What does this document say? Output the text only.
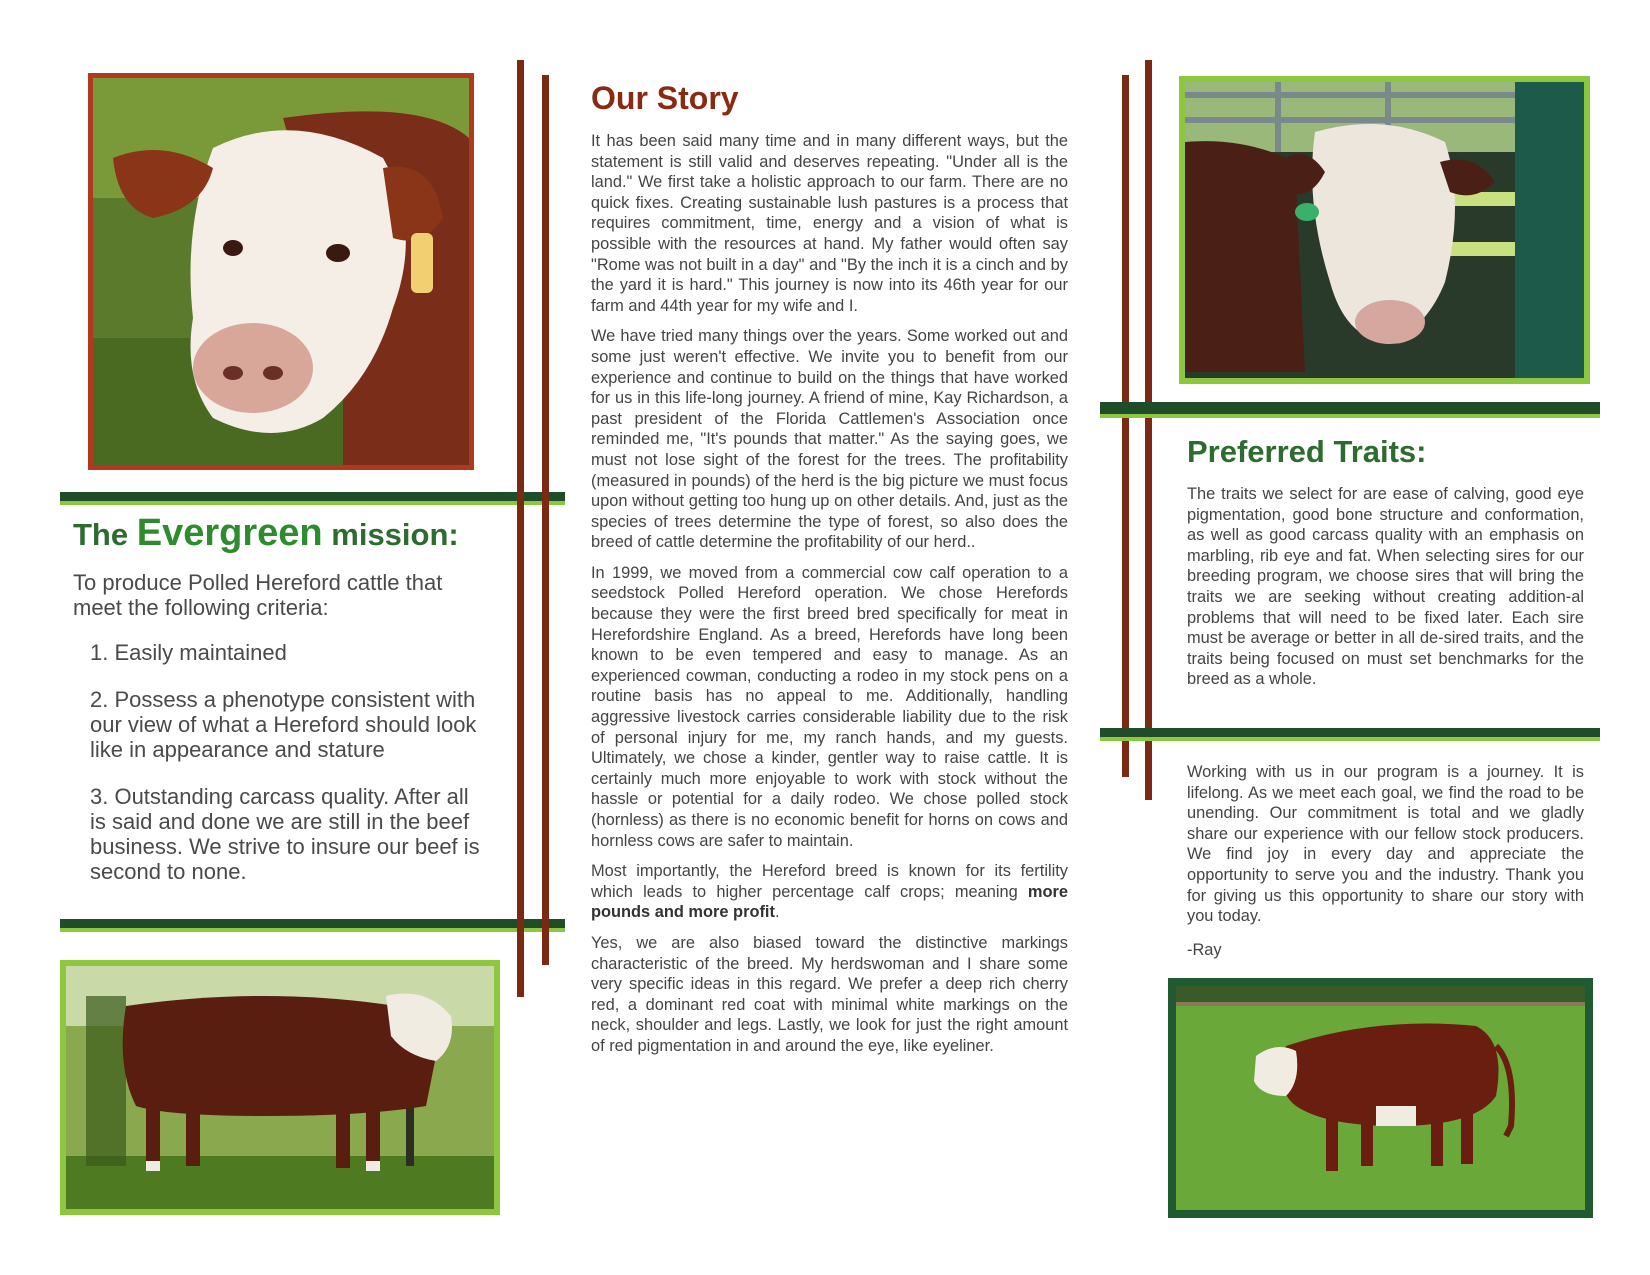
The Evergreen mission:
To produce Polled Hereford cattle that meet the following criteria:
1. Easily maintained
2. Possess a phenotype consistent with our view of what a Hereford should look like in appearance and stature
3. Outstanding carcass quality. After all is said and done we are still in the beef business. We strive to insure our beef is second to none.
Our Story

It has been said many time and in many different ways, but the statement is still valid and deserves repeating. "Under all is the land." We first take a holistic approach to our farm. There are no quick fixes. Creating sustainable lush pastures is a process that requires commitment, time, energy and a vision of what is possible with the resources at hand. My father would often say "Rome was not built in a day" and "By the inch it is a cinch and by the yard it is hard." This journey is now into its 46th year for our farm and 44th year for my wife and I.

We have tried many things over the years. Some worked out and some just weren't effective. We invite you to benefit from our experience and continue to build on the things that have worked for us in this life-long journey. A friend of mine, Kay Richardson, a past president of the Florida Cattlemen's Association once reminded me, "It's pounds that matter." As the saying goes, we must not lose sight of the forest for the trees. The profitability (measured in pounds) of the herd is the big picture we must focus upon without getting too hung up on other details. And, just as the species of trees determine the type of forest, so also does the breed of cattle determine the profitability of our herd..

In 1999, we moved from a commercial cow calf operation to a seedstock Polled Hereford operation. We chose Herefords because they were the first breed bred specifically for meat in Herefordshire England. As a breed, Herefords have long been known to be even tempered and easy to manage. As an experienced cowman, conducting a rodeo in my stock pens on a routine basis has no appeal to me. Additionally, handling aggressive livestock carries considerable liability due to the risk of personal injury for me, my ranch hands, and my guests. Ultimately, we chose a kinder, gentler way to raise cattle. It is certainly much more enjoyable to work with stock without the hassle or potential for a daily rodeo. We chose polled stock (hornless) as there is no economic benefit for horns on cows and hornless cows are safer to maintain.

Most importantly, the Hereford breed is known for its fertility which leads to higher percentage calf crops; meaning more pounds and more profit.

Yes, we are also biased toward the distinctive markings characteristic of the breed. My herdswoman and I share some very specific ideas in this regard. We prefer a deep rich cherry red, a dominant red coat with minimal white markings on the neck, shoulder and legs. Lastly, we look for just the right amount of red pigmentation in and around the eye, like eyeliner.

Preferred Traits:
The traits we select for are ease of calving, good eye pigmentation, good bone structure and conformation, as well as good carcass quality with an emphasis on marbling, rib eye and fat. When selecting sires for our breeding program, we choose sires that will bring the traits we are seeking without creating addition-al problems that will need to be fixed later. Each sire must be average or better in all de-sired traits, and the traits being focused on must set benchmarks for the breed as a whole.
Working with us in our program is a journey. It is lifelong. As we meet each goal, we find the road to be unending. Our commitment is total and we gladly share our experience with our fellow stock producers. We find joy in every day and appreciate the opportunity to serve you and the industry. Thank you for giving us this opportunity to share our story with you today.
-Ray
